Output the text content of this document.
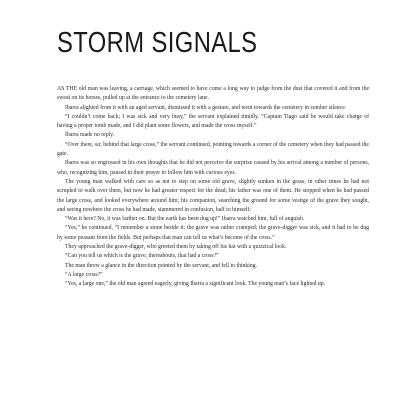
STORM SIGNALS

AS THE old man was leaving, a carriage, which seemed to have come a long way to judge from the dust that covered it and from the sweat on its horses, pulled up at the entrance to the cemetery lane.

Ibarra alighted from it with an aged servant, dismissed it with a gesture, and went towards the cemetery in somber silence.

“I couldn’t come back; I was sick and very busy,” the servant explained timidly. “Captain Tiago said he would take charge of having a proper tomb made, and I did plant some flowers, and made the cross myself.”

Ibarra made no reply.

“Over there, sir, behind that large cross,” the servant continued, pointing towards a corner of the cemetery when they had passed the gate.

Ibarra was so engrossed in his own thoughts that he did not perceive the surprise caused by his arrival among a number of persons, who, recognizing him, paused in their prayer to follow him with curious eyes.

The young man walked with care so as not to step on some old grave, slightly sunken in the grass; in other times he had not scrupled to walk over them, but now he had greater respect for the dead; his father was one of them. He stopped when he had passed the large cross, and looked everywhere around him; his companion, searching the ground for some vestige of the grave they sought, and seeing nowhere the cross he had made, stammered in confusion, half to himself:

“Was it here? No, it was farther on. But the earth has been dug up!” Ibarra watched him, full of anguish.

“Yes,” he continued, “I remember a stone beside it; the grave was rather cramped; the grave-digger was sick, and it had to be dug by some peasant from the fields. But perhaps that man can tell us what’s become of the cross.”

They approached the grave-digger, who greeted them by taking off his hat with a quizzical look.

“Can you tell us which is the grave, thereabouts, that had a cross?”

The man threw a glance in the direction pointed by the servant, and fell to thinking.

“A large cross?”

“Yes, a large one,” the old man agreed eagerly, giving Ibarra a significant look. The young man’s face lighted up.
